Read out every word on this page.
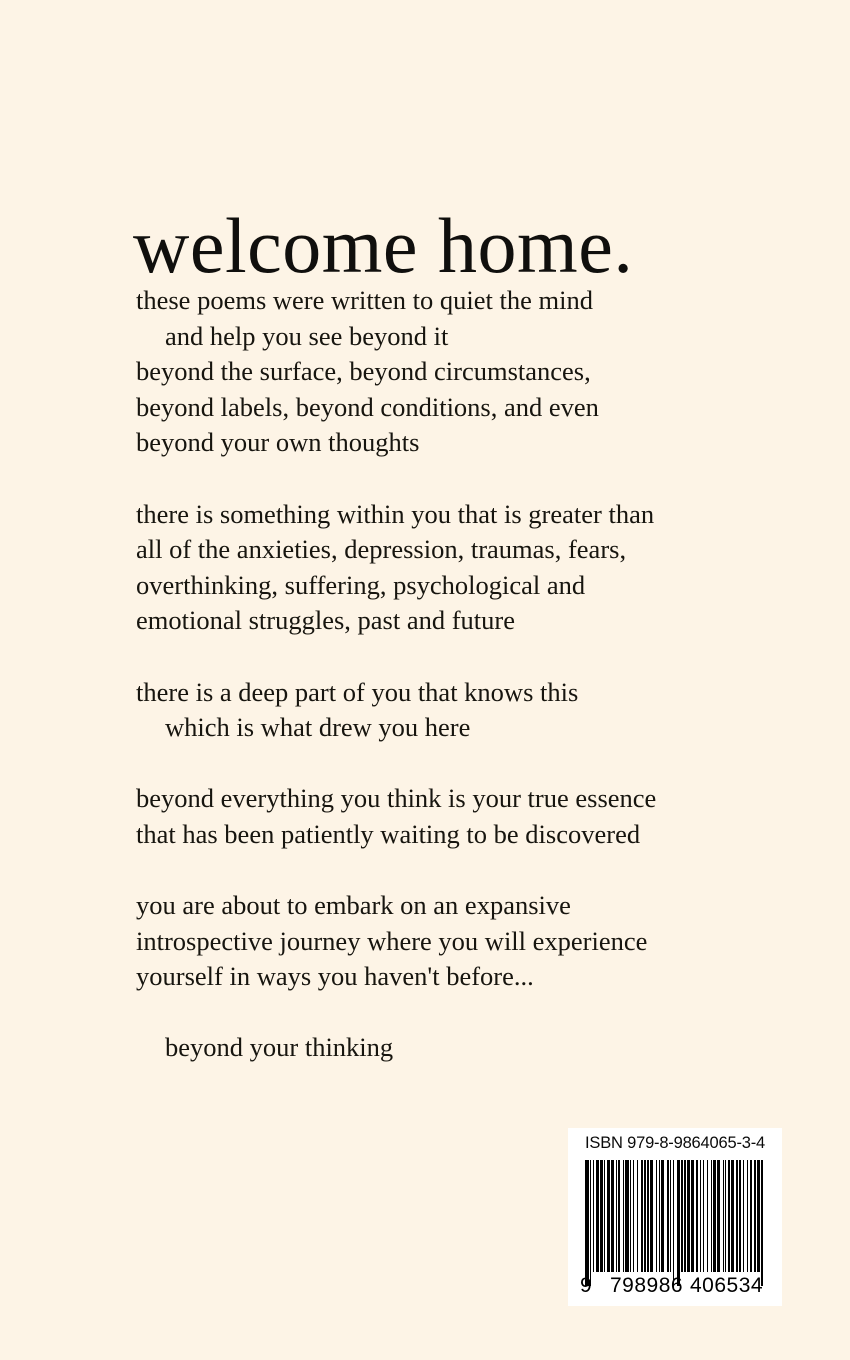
welcome home.

these poems were written to quiet the mind
and help you see beyond it
beyond the surface, beyond circumstances,
beyond labels, beyond conditions, and even
beyond your own thoughts

there is something within you that is greater than
all of the anxieties, depression, traumas, fears,
overthinking, suffering, psychological and
emotional struggles, past and future

there is a deep part of you that knows this
which is what drew you here

beyond everything you think is your true essence
that has been patiently waiting to be discovered

you are about to embark on an expansive
introspective journey where you will experience
yourself in ways you haven't before...

beyond your thinking

ISBN 979-8-9864065-3-4
9 798986 406534
